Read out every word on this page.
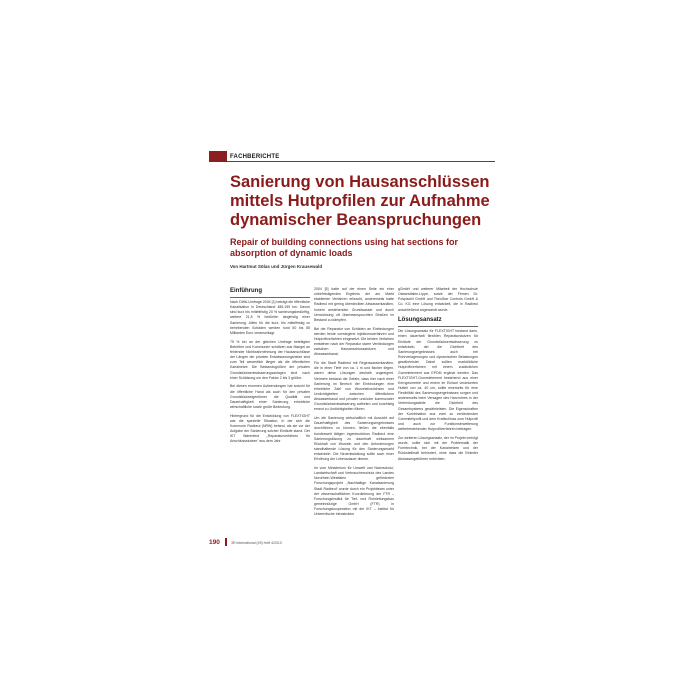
FACHBERICHTE
Sanierung von Hausanschlüssen mittels Hutprofilen zur Aufnahme dynamischer Beanspruchungen
Repair of building connections using hat sections for absorption of dynamic loads
Von Hartmut Sölas und Jürgen Krausewald
Einführung

Nach DWA-Umfrage 2004 [1] beträgt die öffentliche Kanalisation in Deutschland 486.159 km. Davon sind kurz bis mittelfristig 20 % sanierungsbedürftig, weitere 21,5 % bedürfen langfristig einer Sanierung. Allein für die kurz- bis mittelfristig zu behebenden Schäden werden rund 50 bis 55 Milliarden Euro veranschlagt.

75 % bei an der gleichen Umfrage beteiligten Betreiber und Kommunen schätzen aus Mangel an fehlender Nichtwahrnehmung der Hausanschlüsse der Längen der privaten Entwässerungsnetze sind zum Teil wesentlich länger als die öffentlichen Kanalnetze. Die Bestandsgrößen der privaten Grundstücksentwässerungsanlagen sind nach einer Schätzung um den Faktor 2 bis 3 größer.

Bei diesen enormen Aufwendungen hat sowohl für die öffentliche Hand als auch für den privaten Grundstückseigentümer die Qualität und Dauerhaftigkeit einer Sanierung erhebliche wirtschaftliche sowie große Bedeutung.

Hintergrund für die Entwicklung von FLEXTIGHT war die spezielle Situation, in der sich die Kommune Radbeul (NRW) befand, als sie vor der Aufgabe der Sanierung solcher Einläufe stand. Der IKT Warentest „Reparaturverfahren für Anschlussstutzen“ aus dem Jahr

2004 [5] hatte auf der einen Seite ein eher unbefriedigendes Ergebnis der am Markt etablierten Verfahren erbracht, andererseits hatte Radbeul mit gering überdeckten Abwasserkanälen, hohem anstehenden Grundwasser und durch Umwidmung oft überbeanspruchten Straßen im Bestand zu kämpfen.

Bei der Reparatur von Schäden an Einbindungen werden heute vorwiegend Injektionsverfahren und Hutprofilverfahren eingesetzt. Die beiden Verfahren entstehen nach der Reparatur starre Verbindungen zwischen Hausanschlussstutzen und Abwasserkanal.

Für die Stadt Radbeul mit Regenwasserkanälen, die in einer Tiefe von ca. 1 m und flacher liegen, waren diese Lösungen deshalb ungeeignet. Vielmehr bestand die Gefahr, dass hier nach einer Sanierung im Bereich der Einbindungen eine erhebliche Zahl von Wurzeleinwüchsen und Undichtigkeiten zwischen öffentlichem Abwasserkanal und privater und/oder kommunaler Grundstücksentwässerung auftreten und kurzfristig erneut zu Undichtigkeiten führen.

Um die Sanierung wirtschaftlich mit Aussicht auf Dauerhaftigkeit des Sanierungsergebnisses durchführen zu können, ließen die ebenfalls bundesweit tätigen Ingenieurbüros Radbeul eine Sanierungslösung zu dauerhaft wirksamem Rückhalt von Wurzeln und den Anforderungen standhaltende Lösung für den Sanierungsmarkt entwickeln. Die Neuentwicklung sollte auch einer Erhöhung der Lebensdauer dienen.

Im vom Ministerium für Umwelt und Naturschutz, Landwirtschaft und Verbraucherschutz des Landes Nordrhein-Westfalen geförderten Forschungsprojekt „Nachhaltige Kanalsanierung Stadt Radbeul“ wurde durch ein Projektteam unter der wissenschaftlichen Koordinierung der FTR – Forschungsinstitut für Tief- und Rohrleitungsbau gemeinnützige GmbH (FTR) in Forschungskooperation mit der IKT – Institut für Unterirdische Infrastruktur

gGmbH und weiterer Mitarbeit der Hochschule Ostwestfalen-Lippe, sowie der Firmen Dr. Pospischil GmbH und TheoStar Controls GmbH & Co. KG eine Lösung entwickelt, die in Radbeul anschließend angewandt wurde.

Lösungsansatz

Die Lösungsansatz für FLEXTIGHT bestand darin, einen dauerhaft flexiblen Reparaturstutzen für Einläufe der Grundstücksentwässerung zu entwickeln, der die Dichtheit des Sanierungsergebnisses auch bei Rohrverlagerungen und dynamischen Belastungen gewährleistet. Dabei sollten marktübliche Hutprofilverfahren mit einem zusätzlichen Gummielement aus EPDM ergänzt werden. Das FLEXTIGHT-Gummielement bestehend aus einer Kerngeometrie und einem im Einlauf verankerten Hutteil von ca. 40 cm, sollte einerseits für eine Flexibilität des Sanierungsergebnisses sorgen und andererseits beim Versagen des Harzrohres in der Verbindungsstelle die Dichtheit des Gesamtsystems gewährleisten. Die Eigenschaften der Kombination aus zwei zu verbindenden Gummiteilprofil und dem Kraftschluss zum Hutprofil und auch zur Funktionserweiterung weiterbestehender Hutprofilverfahren beitragen.

Zur weiteren Lösungsansatz, der im Projekt verfolgt wurde, sollte sich mit der Problematik der Formtechnik, bei der Kanalnetzen und der Rückstellkraft behindert, ohne dass die Einleiter Abwassergebühren entrichten.

190	3R international (49) Heft 4/2010
